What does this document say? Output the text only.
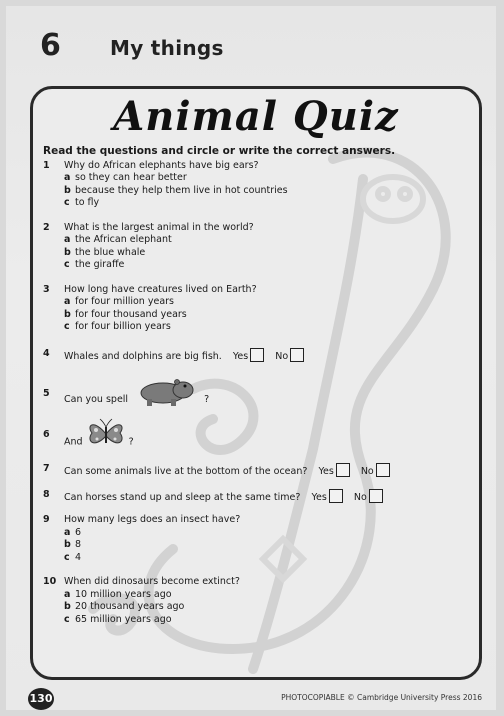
6 My things
Animal Quiz
Read the questions and circle or write the correct answers.
1 Why do African elephants have big ears?
a so they can hear better
b because they help them live in hot countries
c to fly
2 What is the largest animal in the world?
a the African elephant
b the blue whale
c the giraffe
3 How long have creatures lived on Earth?
a for four million years
b for four thousand years
c for four billion years
4 Whales and dolphins are big fish. Yes	No
5
Can you spell	?
6
And	?
7 Can some animals live at the bottom of the ocean? Yes	No
8 Can horses stand up and sleep at the same time? Yes	No
9 How many legs does an insect have?
a 6
b 8
c 4
10 When did dinosaurs become extinct?
a 10 million years ago
b 20 thousand years ago
c 65 million years ago
130	PHOTOCOPIABLE © Cambridge University Press 2016
